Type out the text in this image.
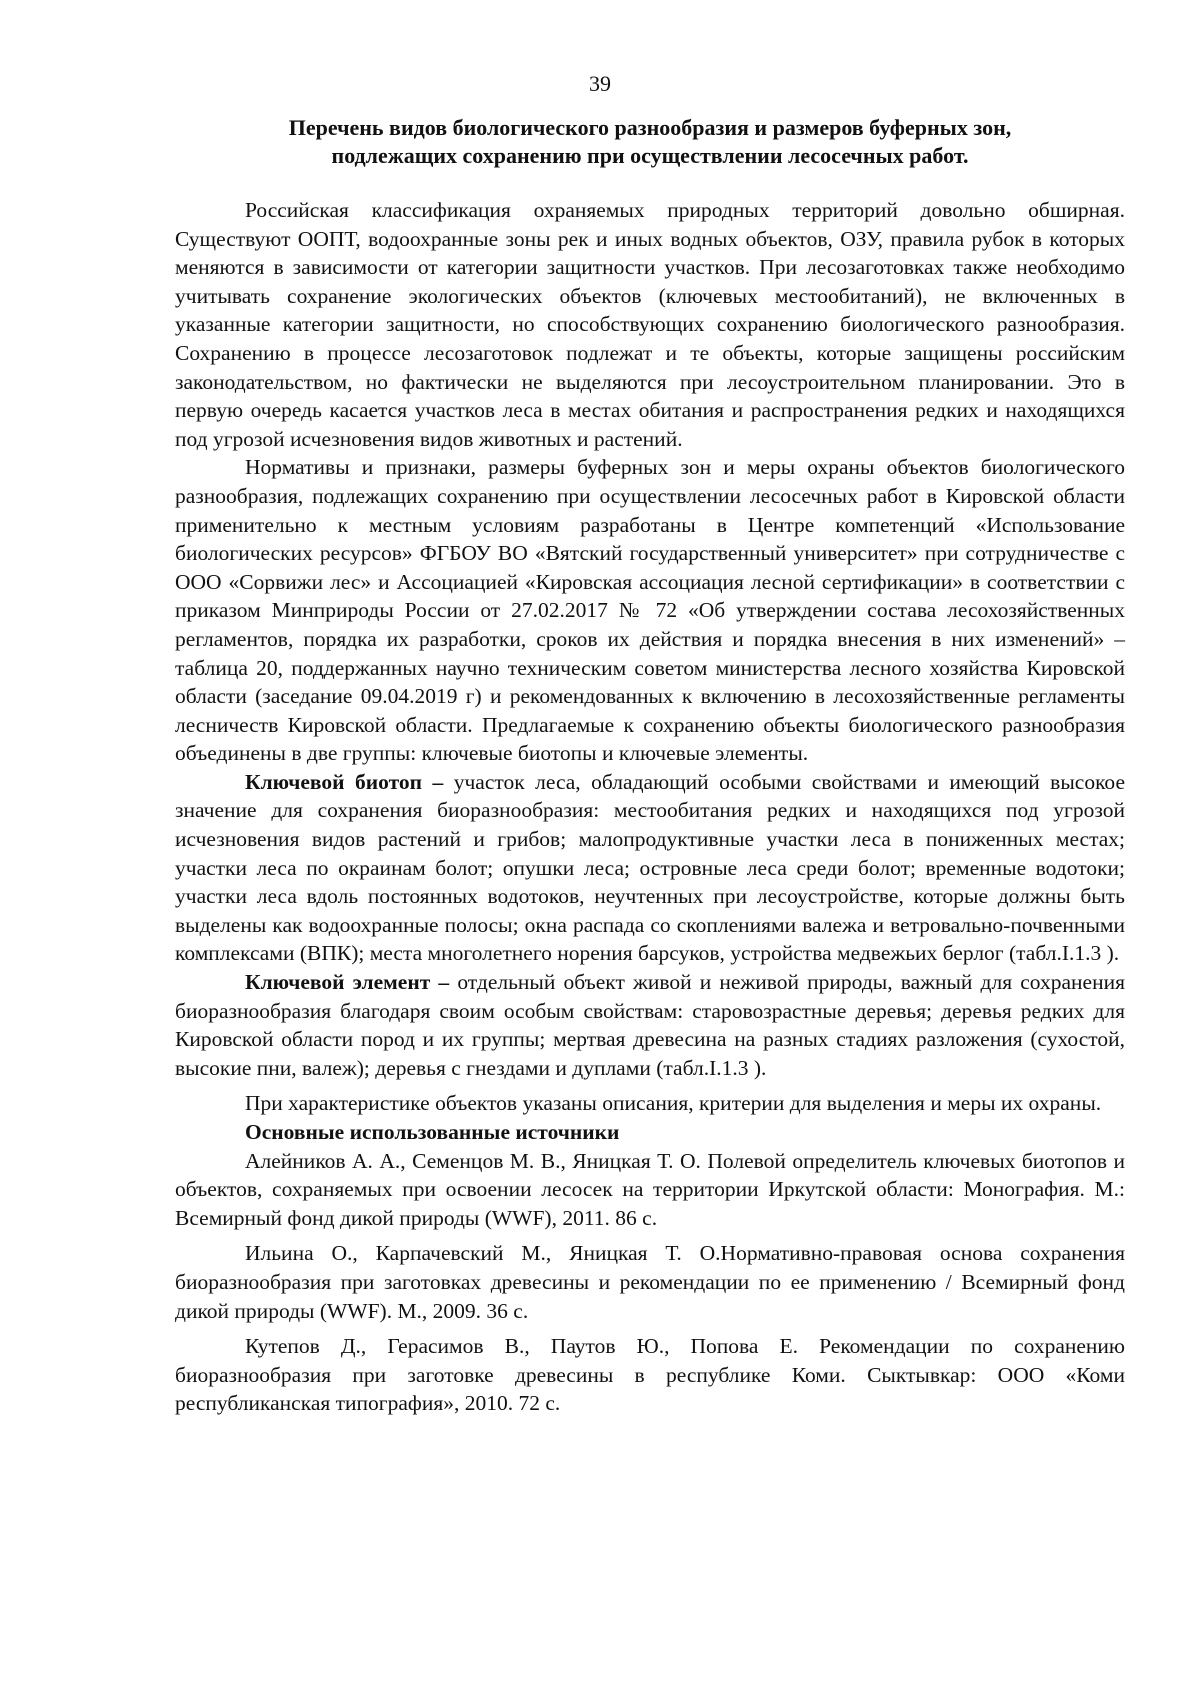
39
Перечень видов биологического разнообразия и размеров буферных зон,
подлежащих сохранению при осуществлении лесосечных работ.

Российская классификация охраняемых природных территорий довольно обширная. Существуют ООПТ, водоохранные зоны рек и иных водных объектов, ОЗУ, правила рубок в которых меняются в зависимости от категории защитности участков. При лесозаготовках также необходимо учитывать сохранение экологических объектов (ключевых местообитаний), не включенных в указанные категории защитности, но способствующих сохранению биологического разнообразия. Сохранению в процессе лесозаготовок подлежат и те объекты, которые защищены российским законодательством, но фактически не выделяются при лесоустроительном планировании. Это в первую очередь касается участков леса в местах обитания и распространения редких и находящихся под угрозой исчезновения видов животных и растений.

Нормативы и признаки, размеры буферных зон и меры охраны объектов биологического разнообразия, подлежащих сохранению при осуществлении лесосечных работ в Кировской области применительно к местным условиям разработаны в Центре компетенций «Использование биологических ресурсов» ФГБОУ ВО «Вятский государственный университет» при сотрудничестве с ООО «Сорвижи лес» и Ассоциацией «Кировская ассоциация лесной сертификации» в соответствии с приказом Минприроды России от 27.02.2017 № 72 «Об утверждении состава лесохозяйственных регламентов, порядка их разработки, сроков их действия и порядка внесения в них изменений» – таблица 20, поддержанных научно техническим советом министерства лесного хозяйства Кировской области (заседание 09.04.2019 г) и рекомендованных к включению в лесохозяйственные регламенты лесничеств Кировской области. Предлагаемые к сохранению объекты биологического разнообразия объединены в две группы: ключевые биотопы и ключевые элементы.

Ключевой биотоп – участок леса, обладающий особыми свойствами и имеющий высокое значение для сохранения биоразнообразия: местообитания редких и находящихся под угрозой исчезновения видов растений и грибов; малопродуктивные участки леса в пониженных местах; участки леса по окраинам болот; опушки леса; островные леса среди болот; временные водотоки; участки леса вдоль постоянных водотоков, неучтенных при лесоустройстве, которые должны быть выделены как водоохранные полосы; окна распада со скоплениями валежа и ветровально-почвенными комплексами (ВПК); места многолетнего норения барсуков, устройства медвежьих берлог (табл.I.1.3 ).

Ключевой элемент – отдельный объект живой и неживой природы, важный для сохранения биоразнообразия благодаря своим особым свойствам: старовозрастные деревья; деревья редких для Кировской области пород и их группы; мертвая древесина на разных стадиях разложения (сухостой, высокие пни, валеж); деревья с гнездами и дуплами (табл.I.1.3 ).

При характеристике объектов указаны описания, критерии для выделения и меры их охраны.

Основные использованные источники

Алейников А. А., Семенцов М. В., Яницкая Т. О. Полевой определитель ключевых биотопов и объектов, сохраняемых при освоении лесосек на территории Иркутской области: Монография. М.: Всемирный фонд дикой природы (WWF), 2011. 86 с.

Ильина О., Карпачевский М., Яницкая Т. О.Нормативно-правовая основа сохранения биоразнообразия при заготовках древесины и рекомендации по ее применению / Всемирный фонд дикой природы (WWF). М., 2009. 36 с.

Кутепов Д., Герасимов В., Паутов Ю., Попова Е. Рекомендации по сохранению биоразнообразия при заготовке древесины в республике Коми. Сыктывкар: ООО «Коми республиканская типография», 2010. 72 с.
